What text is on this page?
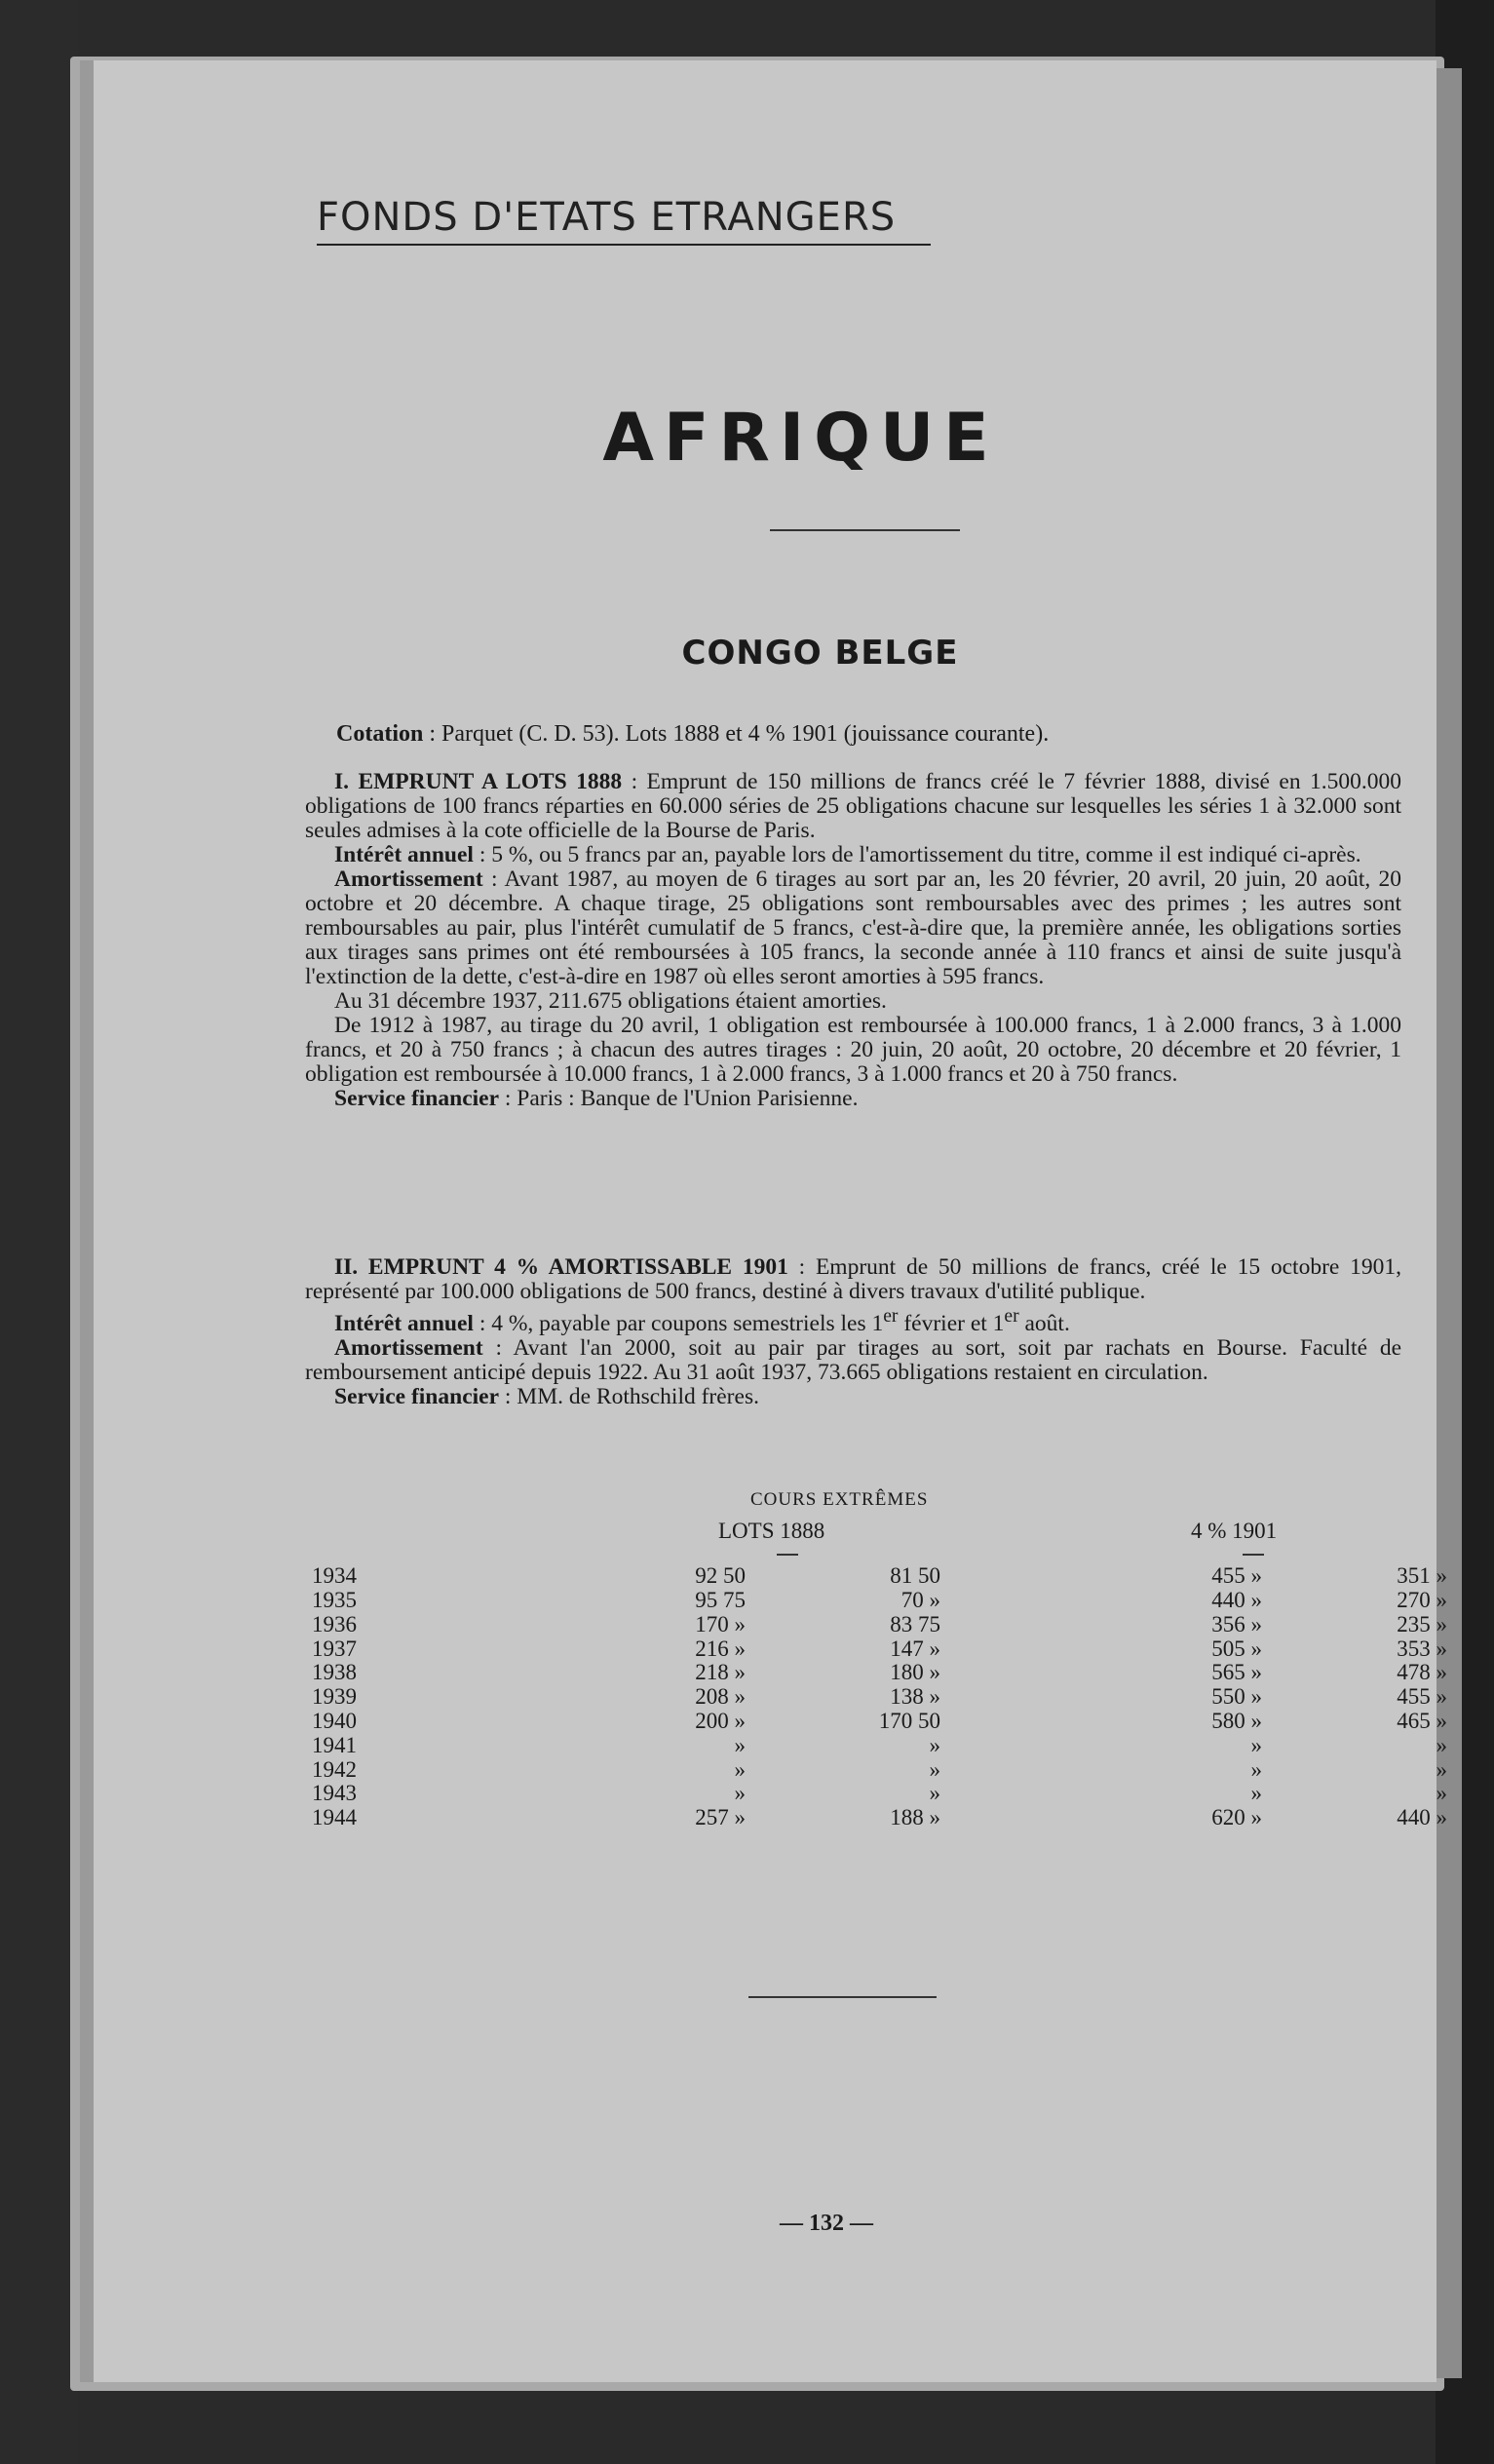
FONDS D'ETATS ETRANGERS
AFRIQUE
CONGO BELGE
Cotation : Parquet (C. D. 53). Lots 1888 et 4 % 1901 (jouissance courante).

I. EMPRUNT A LOTS 1888 : Emprunt de 150 millions de francs créé le 7 février 1888, divisé en 1.500.000 obligations de 100 francs réparties en 60.000 séries de 25 obligations chacune sur lesquelles les séries 1 à 32.000 sont seules admises à la cote officielle de la Bourse de Paris.

Intérêt annuel : 5 %, ou 5 francs par an, payable lors de l'amortissement du titre, comme il est indiqué ci-après.

Amortissement : Avant 1987, au moyen de 6 tirages au sort par an, les 20 février, 20 avril, 20 juin, 20 août, 20 octobre et 20 décembre. A chaque tirage, 25 obligations sont remboursables avec des primes ; les autres sont remboursables au pair, plus l'intérêt cumulatif de 5 francs, c'est-à-dire que, la première année, les obligations sorties aux tirages sans primes ont été remboursées à 105 francs, la seconde année à 110 francs et ainsi de suite jusqu'à l'extinction de la dette, c'est-à-dire en 1987 où elles seront amorties à 595 francs.

Au 31 décembre 1937, 211.675 obligations étaient amorties.

De 1912 à 1987, au tirage du 20 avril, 1 obligation est remboursée à 100.000 francs, 1 à 2.000 francs, 3 à 1.000 francs, et 20 à 750 francs ; à chacun des autres tirages : 20 juin, 20 août, 20 octobre, 20 décembre et 20 février, 1 obligation est remboursée à 10.000 francs, 1 à 2.000 francs, 3 à 1.000 francs et 20 à 750 francs.

Service financier : Paris : Banque de l'Union Parisienne.

II. EMPRUNT 4 % AMORTISSABLE 1901 : Emprunt de 50 millions de francs, créé le 15 octobre 1901, représenté par 100.000 obligations de 500 francs, destiné à divers travaux d'utilité publique.

Intérêt annuel : 4 %, payable par coupons semestriels les 1er février et 1er août.

Amortissement : Avant l'an 2000, soit au pair par tirages au sort, soit par rachats en Bourse. Faculté de remboursement anticipé depuis 1922. Au 31 août 1937, 73.665 obligations restaient en circulation.

Service financier : MM. de Rothschild frères.

COURS EXTRÊMES
LOTS 1888	4 % 1901
1934	92 50	81 50	455 »	351 »
1935	95 75	70 »	440 »	270 »
1936	170 »	83 75	356 »	235 »
1937	216 »	147 »	505 »	353 »
1938	218 »	180 »	565 »	478 »
1939	208 »	138 »	550 »	455 »
1940	200 »	170 50	580 »	465 »
1941	»	»	»	»
1942	»	»	»	»
1943	»	»	»	»
1944	257 »	188 »	620 »	440 »
— 132 —
